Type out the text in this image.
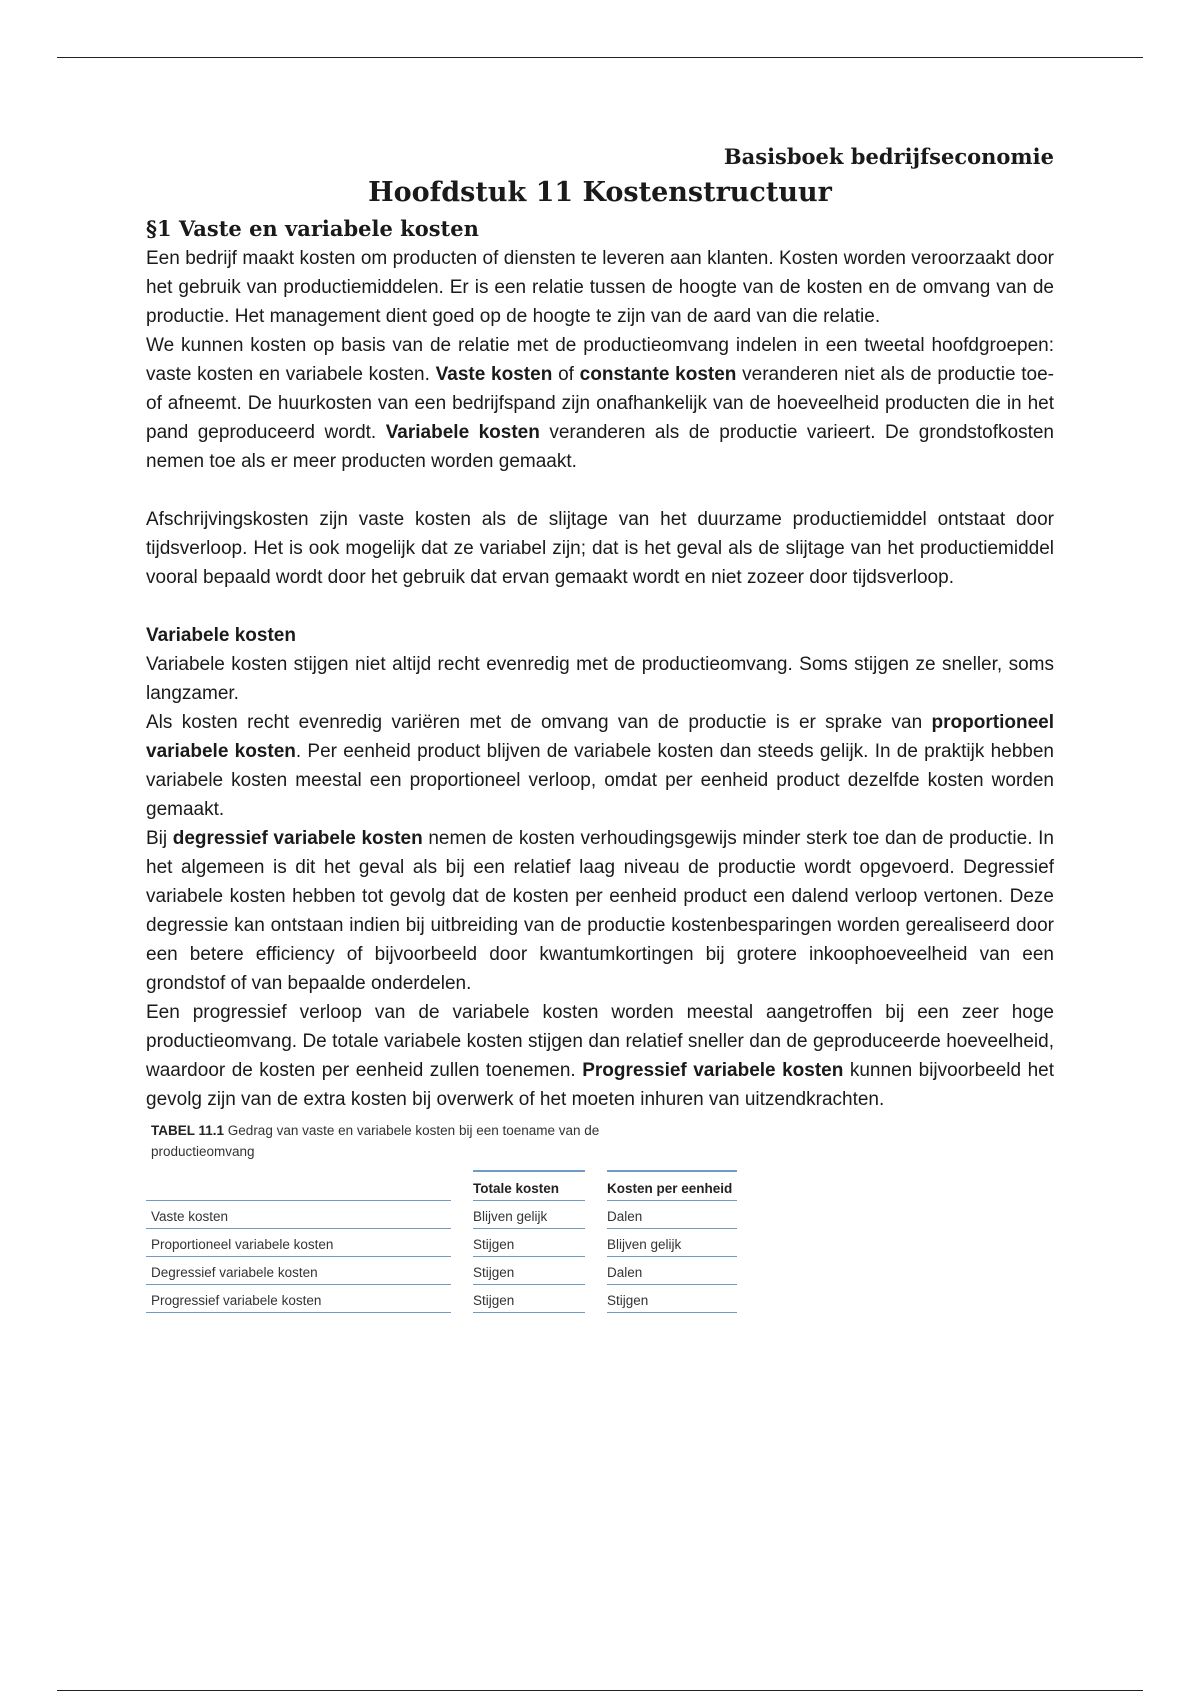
Basisboek bedrijfseconomie
Hoofdstuk 11 Kostenstructuur
§1 Vaste en variabele kosten

Een bedrijf maakt kosten om producten of diensten te leveren aan klanten. Kosten worden veroorzaakt door het gebruik van productiemiddelen. Er is een relatie tussen de hoogte van de kosten en de omvang van de productie. Het management dient goed op de hoogte te zijn van de aard van die relatie.

We kunnen kosten op basis van de relatie met de productieomvang indelen in een tweetal hoofdgroepen: vaste kosten en variabele kosten. Vaste kosten of constante kosten veranderen niet als de productie toe- of afneemt. De huurkosten van een bedrijfspand zijn onafhankelijk van de hoeveelheid producten die in het pand geproduceerd wordt. Variabele kosten veranderen als de productie varieert. De grondstofkosten nemen toe als er meer producten worden gemaakt.

Afschrijvingskosten zijn vaste kosten als de slijtage van het duurzame productiemiddel ontstaat door tijdsverloop. Het is ook mogelijk dat ze variabel zijn; dat is het geval als de slijtage van het productiemiddel vooral bepaald wordt door het gebruik dat ervan gemaakt wordt en niet zozeer door tijdsverloop.

Variabele kosten

Variabele kosten stijgen niet altijd recht evenredig met de productieomvang. Soms stijgen ze sneller, soms langzamer.

Als kosten recht evenredig variëren met de omvang van de productie is er sprake van proportioneel variabele kosten. Per eenheid product blijven de variabele kosten dan steeds gelijk. In de praktijk hebben variabele kosten meestal een proportioneel verloop, omdat per eenheid product dezelfde kosten worden gemaakt.

Bij degressief variabele kosten nemen de kosten verhoudingsgewijs minder sterk toe dan de productie. In het algemeen is dit het geval als bij een relatief laag niveau de productie wordt opgevoerd. Degressief variabele kosten hebben tot gevolg dat de kosten per eenheid product een dalend verloop vertonen. Deze degressie kan ontstaan indien bij uitbreiding van de productie kostenbesparingen worden gerealiseerd door een betere efficiency of bijvoorbeeld door kwantumkortingen bij grotere inkoophoeveelheid van een grondstof of van bepaalde onderdelen.

Een progressief verloop van de variabele kosten worden meestal aangetroffen bij een zeer hoge productieomvang. De totale variabele kosten stijgen dan relatief sneller dan de geproduceerde hoeveelheid, waardoor de kosten per eenheid zullen toenemen. Progressief variabele kosten kunnen bijvoorbeeld het gevolg zijn van de extra kosten bij overwerk of het moeten inhuren van uitzendkrachten.

TABEL 11.1 Gedrag van vaste en variabele kosten bij een toename van de productieomvang
		Totale kosten		Kosten per eenheid
Vaste kosten		Blijven gelijk		Dalen
Proportioneel variabele kosten		Stijgen		Blijven gelijk
Degressief variabele kosten		Stijgen		Dalen
Progressief variabele kosten		Stijgen		Stijgen
